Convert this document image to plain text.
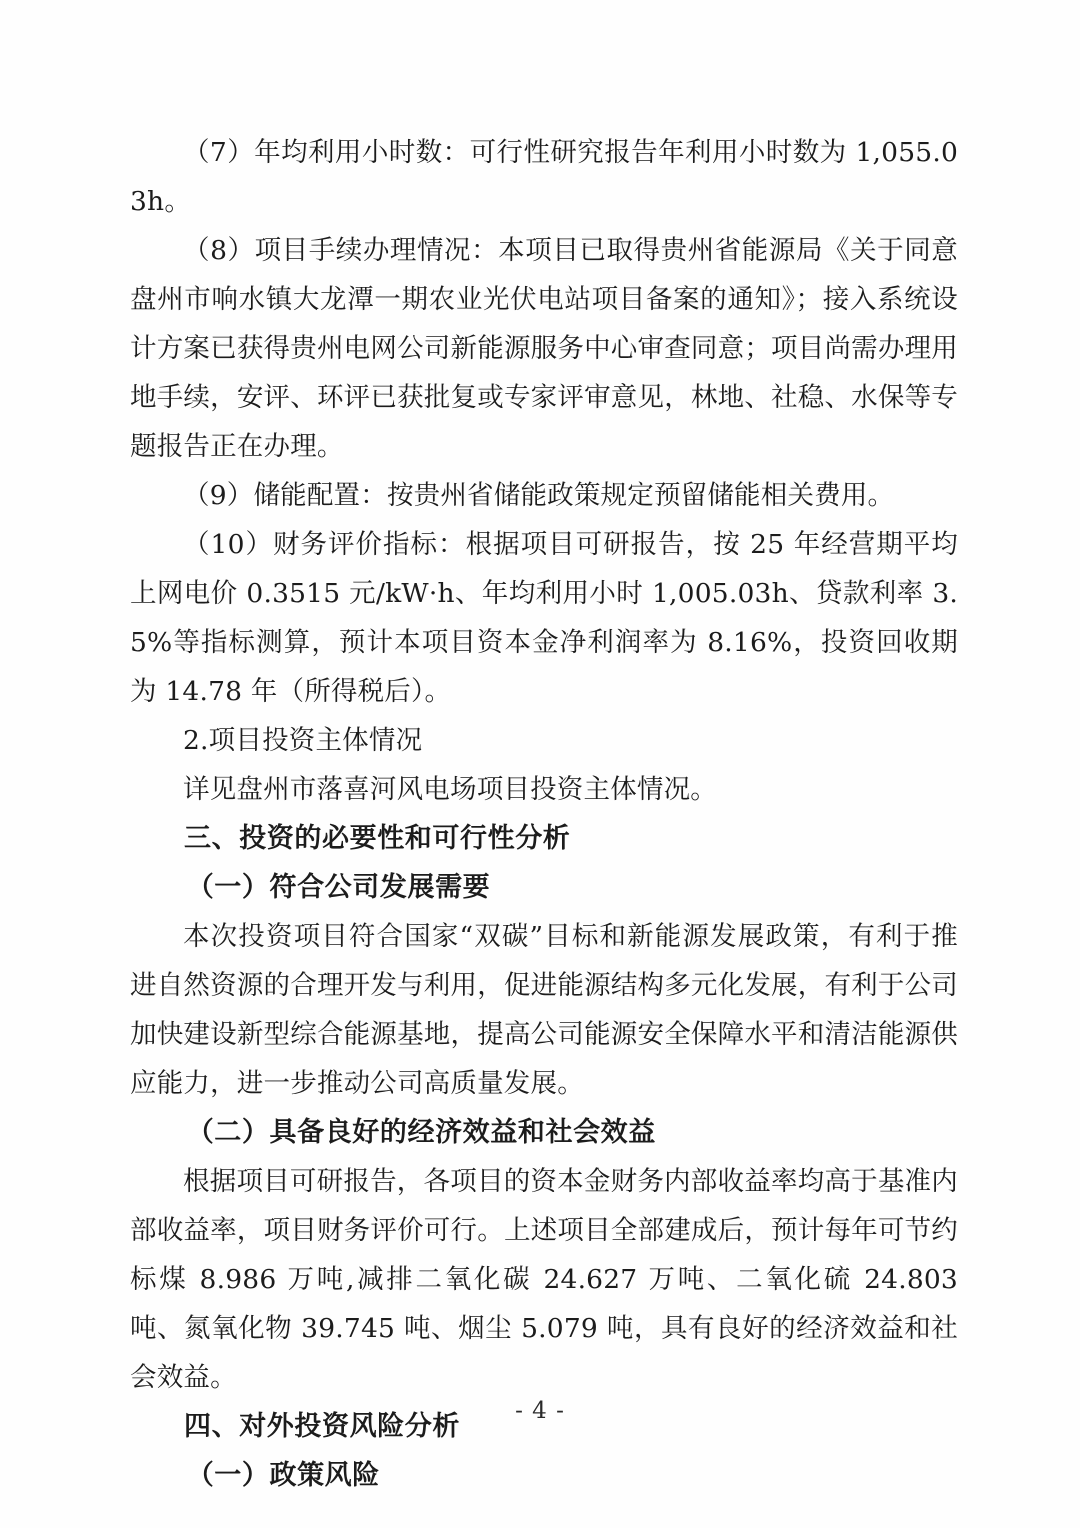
（7）年均利用小时数：可行性研究报告年利用小时数为 1,055.03h。

（8）项目手续办理情况：本项目已取得贵州省能源局《关于同意盘州市响水镇大龙潭一期农业光伏电站项目备案的通知》；接入系统设计方案已获得贵州电网公司新能源服务中心审查同意；项目尚需办理用地手续，安评、环评已获批复或专家评审意见，林地、社稳、水保等专题报告正在办理。

（9）储能配置：按贵州省储能政策规定预留储能相关费用。

（10）财务评价指标：根据项目可研报告，按 25 年经营期平均上网电价 0.3515 元/kW·h、年均利用小时 1,005.03h、贷款利率 3.5%等指标测算，预计本项目资本金净利润率为 8.16%，投资回收期为 14.78 年（所得税后）。

2.项目投资主体情况

详见盘州市落喜河风电场项目投资主体情况。

三、投资的必要性和可行性分析

（一）符合公司发展需要

本次投资项目符合国家“双碳”目标和新能源发展政策，有利于推进自然资源的合理开发与利用，促进能源结构多元化发展，有利于公司加快建设新型综合能源基地，提高公司能源安全保障水平和清洁能源供应能力，进一步推动公司高质量发展。

（二）具备良好的经济效益和社会效益

根据项目可研报告，各项目的资本金财务内部收益率均高于基准内部收益率，项目财务评价可行。上述项目全部建成后，预计每年可节约标煤 8.986 万吨,减排二氧化碳 24.627 万吨、二氧化硫 24.803 吨、氮氧化物 39.745 吨、烟尘 5.079 吨，具有良好的经济效益和社会效益。

四、对外投资风险分析

（一）政策风险

- 4 -
